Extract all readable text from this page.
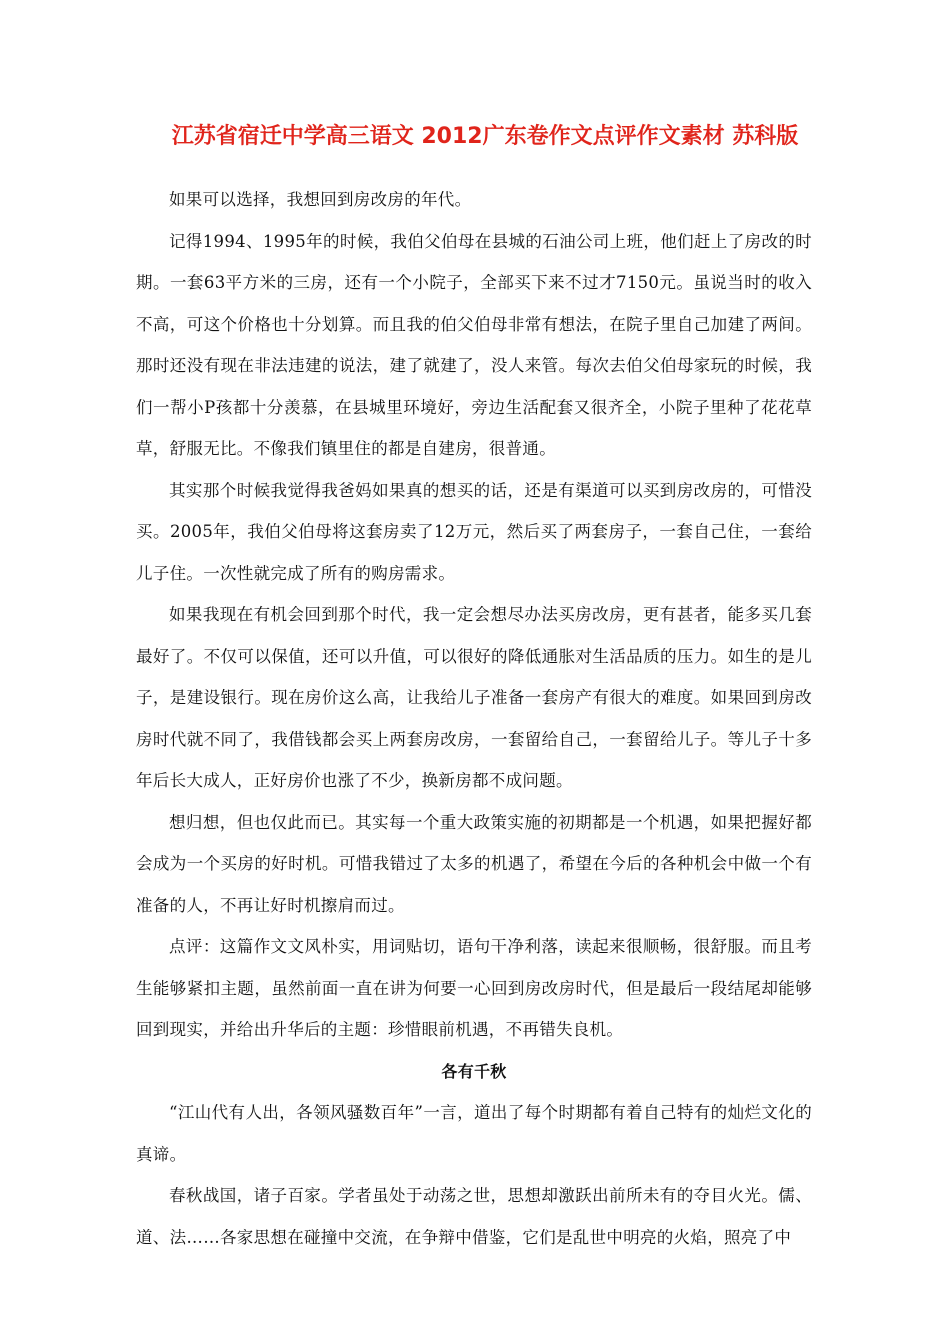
江苏省宿迁中学高三语文 2012广东卷作文点评作文素材 苏科版

如果可以选择，我想回到房改房的年代。

记得1994、1995年的时候，我伯父伯母在县城的石油公司上班，他们赶上了房改的时期。一套63平方米的三房，还有一个小院子，全部买下来不过才7150元。虽说当时的收入不高，可这个价格也十分划算。而且我的伯父伯母非常有想法，在院子里自己加建了两间。那时还没有现在非法违建的说法，建了就建了，没人来管。每次去伯父伯母家玩的时候，我们一帮小P孩都十分羡慕，在县城里环境好，旁边生活配套又很齐全，小院子里种了花花草草，舒服无比。不像我们镇里住的都是自建房，很普通。

其实那个时候我觉得我爸妈如果真的想买的话，还是有渠道可以买到房改房的，可惜没买。2005年，我伯父伯母将这套房卖了12万元，然后买了两套房子，一套自己住，一套给儿子住。一次性就完成了所有的购房需求。

如果我现在有机会回到那个时代，我一定会想尽办法买房改房，更有甚者，能多买几套最好了。不仅可以保值，还可以升值，可以很好的降低通胀对生活品质的压力。如生的是儿子，是建设银行。现在房价这么高，让我给儿子准备一套房产有很大的难度。如果回到房改房时代就不同了，我借钱都会买上两套房改房，一套留给自己，一套留给儿子。等儿子十多年后长大成人，正好房价也涨了不少，换新房都不成问题。

想归想，但也仅此而已。其实每一个重大政策实施的初期都是一个机遇，如果把握好都会成为一个买房的好时机。可惜我错过了太多的机遇了，希望在今后的各种机会中做一个有准备的人，不再让好时机擦肩而过。

点评：这篇作文文风朴实，用词贴切，语句干净利落，读起来很顺畅，很舒服。而且考生能够紧扣主题，虽然前面一直在讲为何要一心回到房改房时代，但是最后一段结尾却能够回到现实，并给出升华后的主题：珍惜眼前机遇，不再错失良机。

各有千秋

“江山代有人出，各领风骚数百年”一言，道出了每个时期都有着自己特有的灿烂文化的真谛。

春秋战国，诸子百家。学者虽处于动荡之世，思想却激跃出前所未有的夺目火光。儒、道、法……各家思想在碰撞中交流，在争辩中借鉴，它们是乱世中明亮的火焰，照亮了中
